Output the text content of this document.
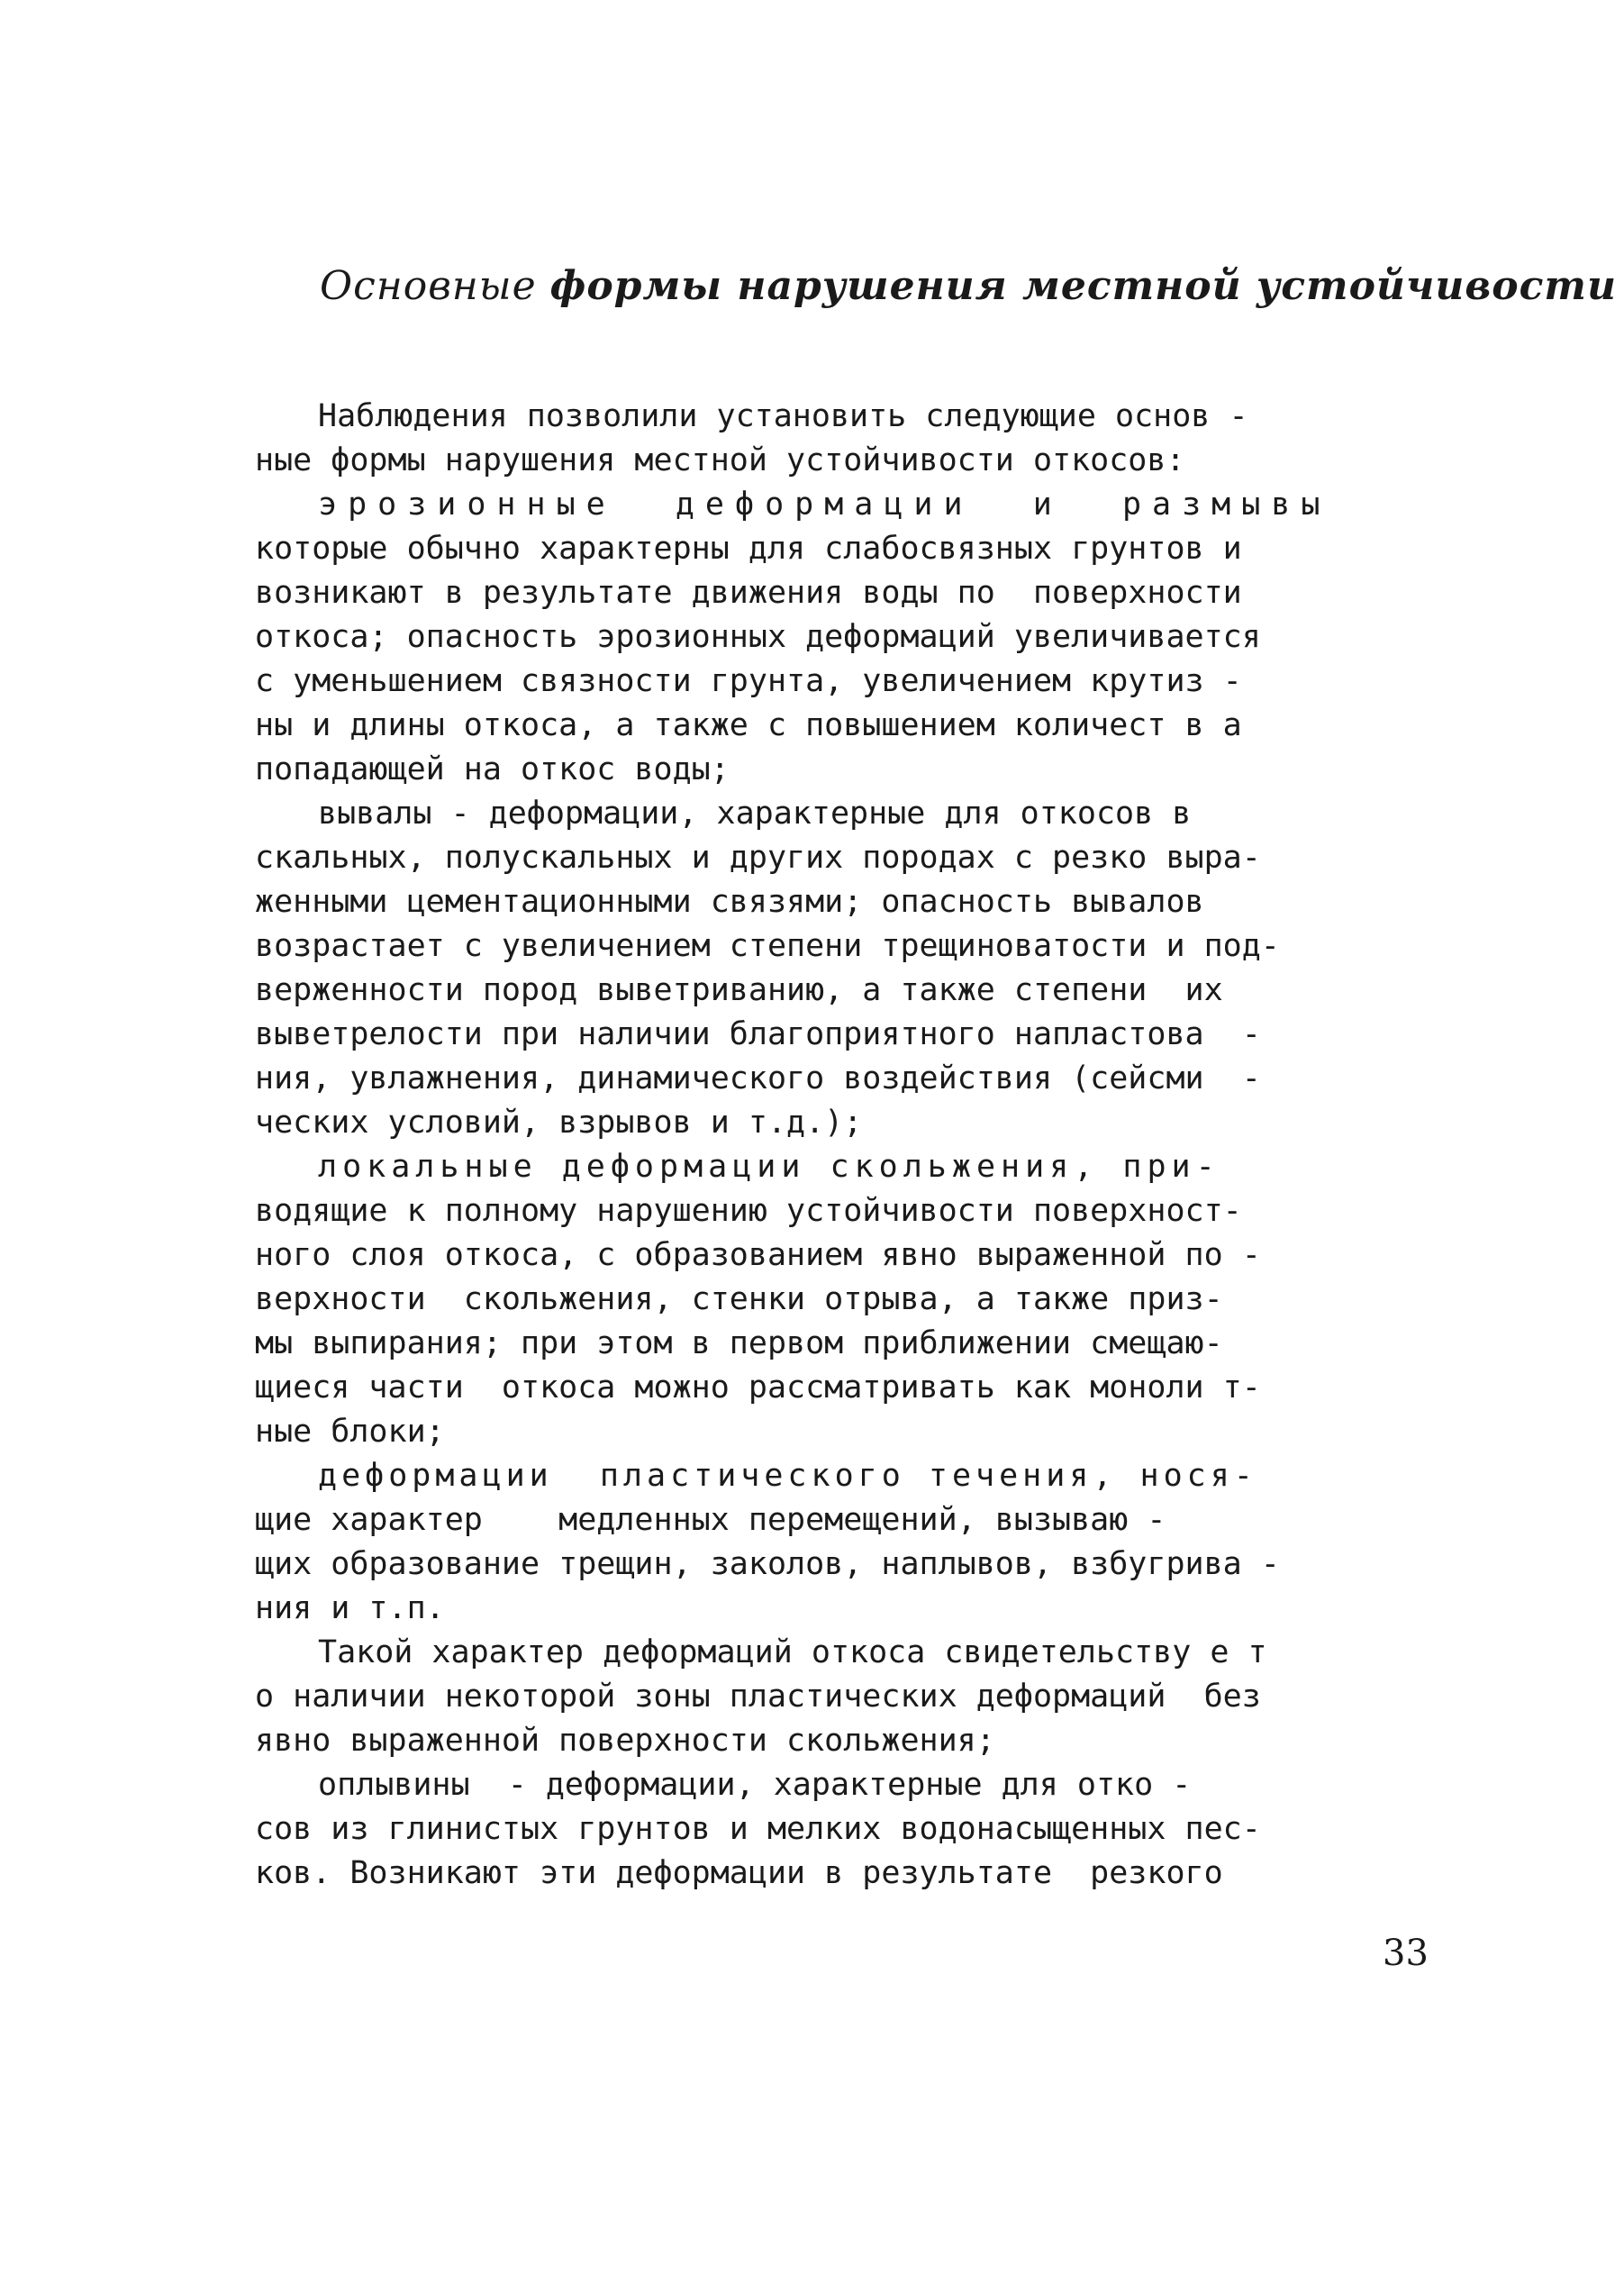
Основные формы нарушения местной устойчивости
Наблюдения позволили установить следующие основ -
ные формы нарушения местной устойчивости откосов:
эрозионные  деформации  и  размывы
которые обычно характерны для слабосвязных грунтов и
возникают в результате движения воды по  поверхности
откоса; опасность эрозионных деформаций увеличивается
с уменьшением связности грунта, увеличением крутиз -
ны и длины откоса, а также с повышением количест в а
попадающей на откос воды;
вывалы - деформации, характерные для откосов в
скальных, полускальных и других породах с резко выра-
женными цементационными связями; опасность вывалов
возрастает с увеличением степени трещиноватости и под-
верженности пород выветриванию, а также степени  их
выветрелости при наличии благоприятного напластова  -
ния, увлажнения, динамического воздействия (сейсми  -
ческих условий, взрывов и т.д.);
локальные деформации скольжения, при-
водящие к полному нарушению устойчивости поверхност-
ного слоя откоса, с образованием явно выраженной по -
верхности  скольжения, стенки отрыва, а также приз-
мы выпирания; при этом в первом приближении смещаю-
щиеся части  откоса можно рассматривать как моноли т-
ные блоки;
деформации  пластического течения, нося-
щие характер    медленных перемещений, вызываю -
щих образование трещин, заколов, наплывов, взбугрива -
ния и т.п.
Такой характер деформаций откоса свидетельству е т
о наличии некоторой зоны пластических деформаций  без
явно выраженной поверхности скольжения;
оплывины  - деформации, характерные для отко -
сов из глинистых грунтов и мелких водонасыщенных пес-
ков. Возникают эти деформации в результате  резкого
33
